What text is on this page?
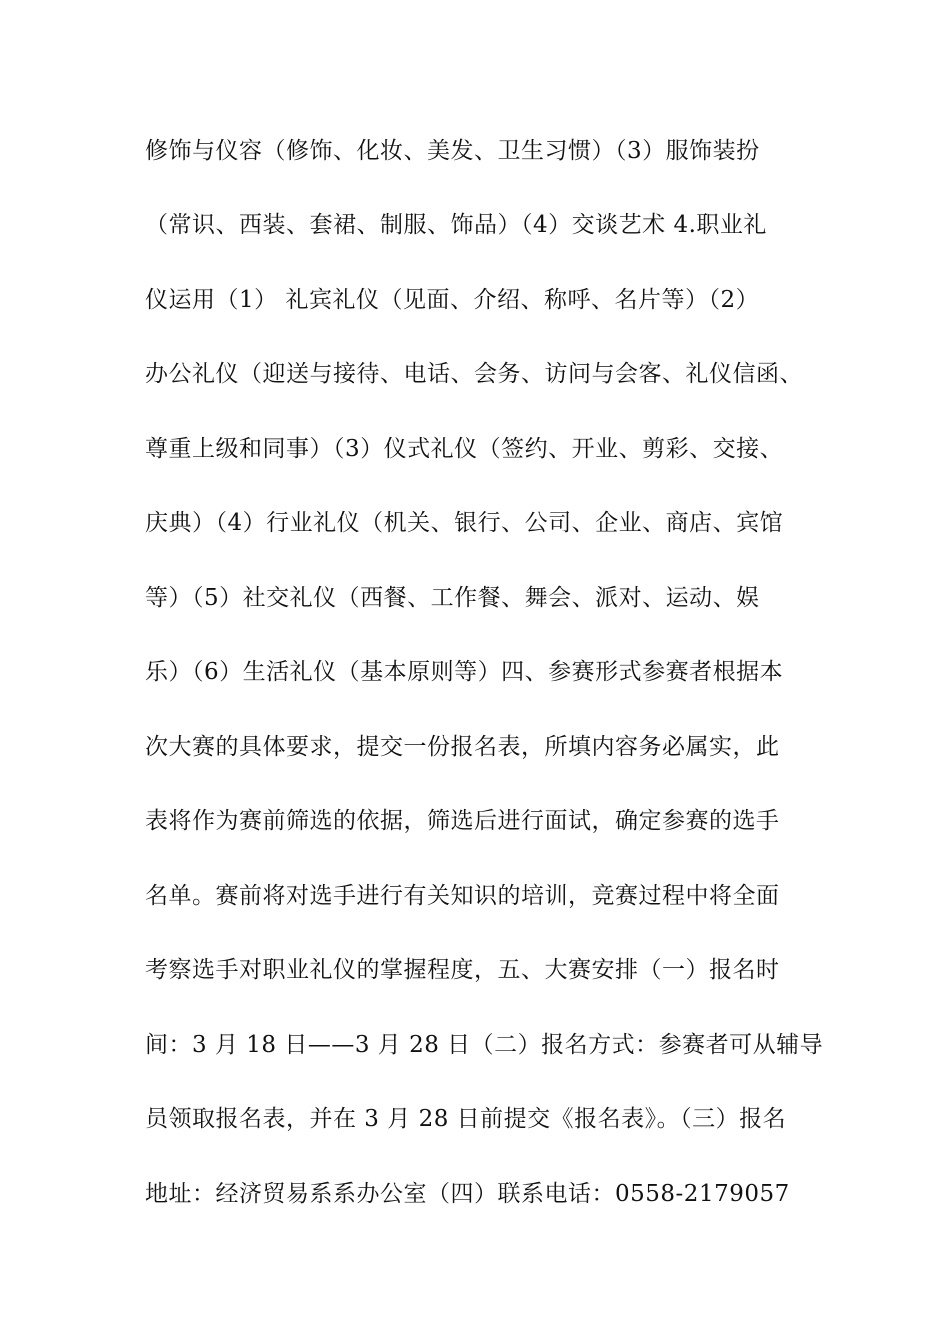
修饰与仪容（修饰、化妆、美发、卫生习惯）（3）服饰装扮
（常识、西装、套裙、制服、饰品）（4）交谈艺术 4.职业礼
仪运用（1） 礼宾礼仪（见面、介绍、称呼、名片等）（2）
办公礼仪（迎送与接待、电话、会务、访问与会客、礼仪信函、
尊重上级和同事）（3）仪式礼仪（签约、开业、剪彩、交接、
庆典）（4）行业礼仪（机关、银行、公司、企业、商店、宾馆
等）（5）社交礼仪（西餐、工作餐、舞会、派对、运动、娱
乐）（6）生活礼仪（基本原则等）四、参赛形式参赛者根据本
次大赛的具体要求，提交一份报名表，所填内容务必属实，此
表将作为赛前筛选的依据，筛选后进行面试，确定参赛的选手
名单。赛前将对选手进行有关知识的培训，竞赛过程中将全面
考察选手对职业礼仪的掌握程度，五、大赛安排（一）报名时
间：3 月 18 日——3 月 28 日（二）报名方式：参赛者可从辅导
员领取报名表，并在 3 月 28 日前提交《报名表》。（三）报名
地址：经济贸易系系办公室（四）联系电话：0558-2179057
